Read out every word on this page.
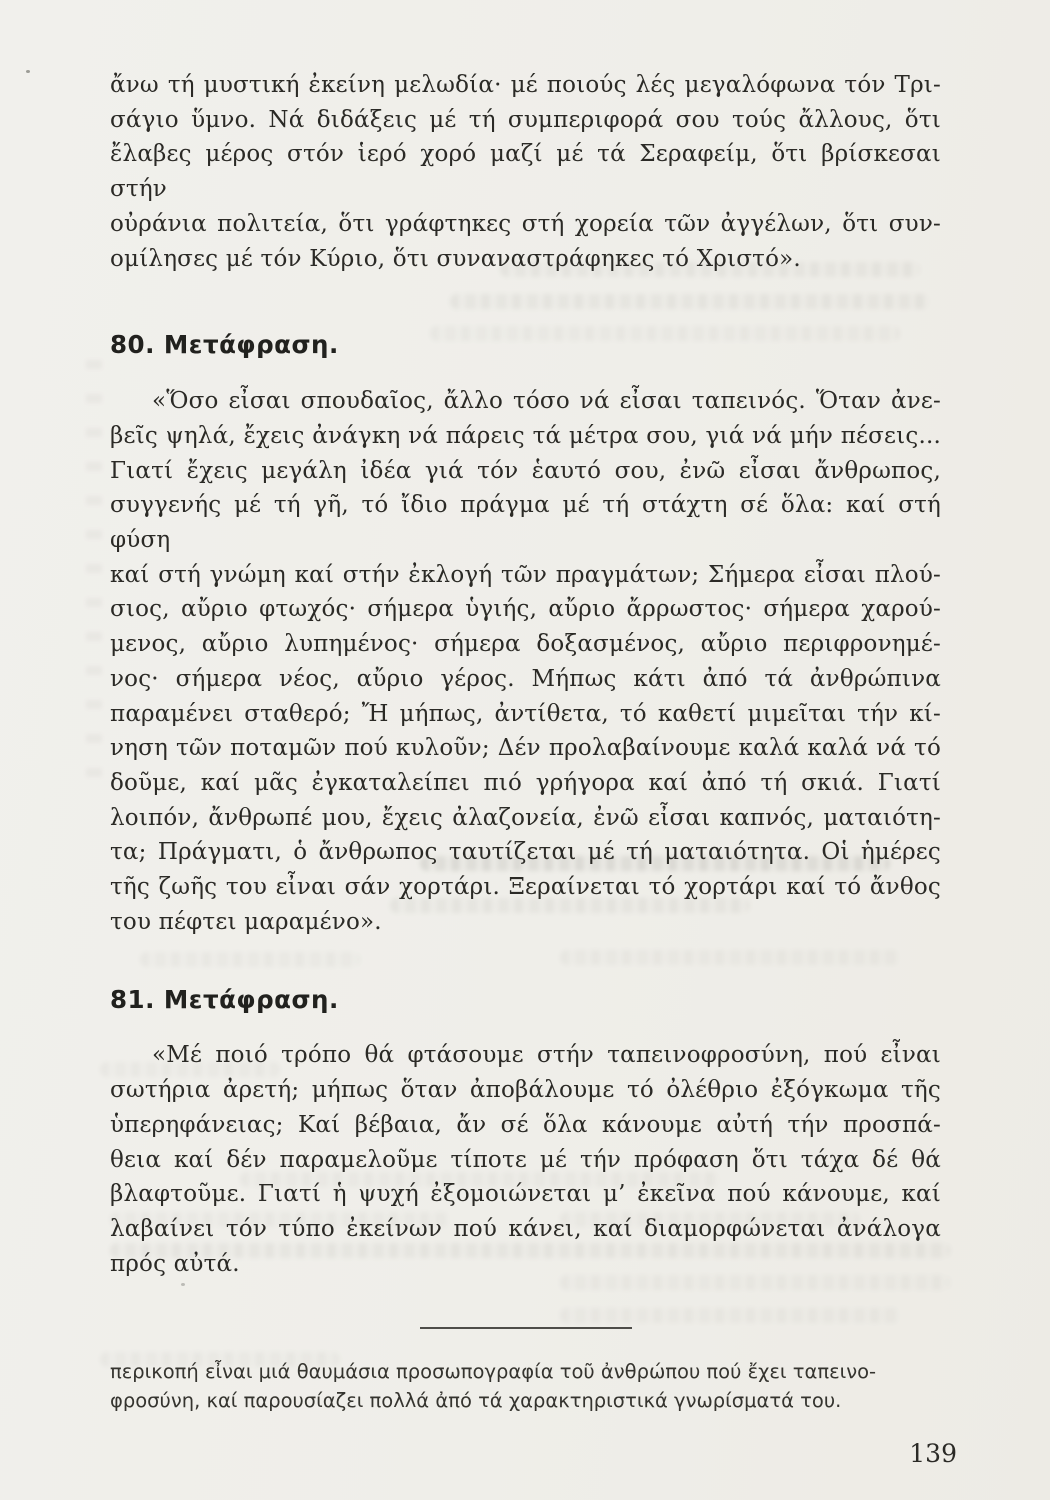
ἄνω τή μυστική ἐκείνη μελωδία· μέ ποιούς λές μεγαλόφωνα τόν Τρι-
σάγιο ὕμνο. Νά διδάξεις μέ τή συμπεριφορά σου τούς ἄλλους, ὅτι
ἔλαβες μέρος στόν ἱερό χορό μαζί μέ τά Σεραφείμ, ὅτι βρίσκεσαι στήν
οὐράνια πολιτεία, ὅτι γράφτηκες στή χορεία τῶν ἀγγέλων, ὅτι συν-
ομίλησες μέ τόν Κύριο, ὅτι συναναστράφηκες τό Χριστό».
80. Μετάφραση.
«Ὅσο εἶσαι σπουδαῖος, ἄλλο τόσο νά εἶσαι ταπεινός. Ὅταν ἀνε-
βεῖς ψηλά, ἔχεις ἀνάγκη νά πάρεις τά μέτρα σου, γιά νά μήν πέσεις...
Γιατί ἔχεις μεγάλη ἰδέα γιά τόν ἑαυτό σου, ἐνῶ εἶσαι ἄνθρωπος,
συγγενής μέ τή γῆ, τό ἴδιο πράγμα μέ τή στάχτη σέ ὅλα: καί στή φύση
καί στή γνώμη καί στήν ἐκλογή τῶν πραγμάτων; Σήμερα εἶσαι πλού-
σιος, αὔριο φτωχός· σήμερα ὑγιής, αὔριο ἄρρωστος· σήμερα χαρού-
μενος, αὔριο λυπημένος· σήμερα δοξασμένος, αὔριο περιφρονημέ-
νος· σήμερα νέος, αὔριο γέρος. Μήπως κάτι ἀπό τά ἀνθρώπινα
παραμένει σταθερό; Ἤ μήπως, ἀντίθετα, τό καθετί μιμεῖται τήν κί-
νηση τῶν ποταμῶν πού κυλοῦν; Δέν προλαβαίνουμε καλά καλά νά τό
δοῦμε, καί μᾶς ἐγκαταλείπει πιό γρήγορα καί ἀπό τή σκιά. Γιατί
λοιπόν, ἄνθρωπέ μου, ἔχεις ἀλαζονεία, ἐνῶ εἶσαι καπνός, ματαιότη-
τα; Πράγματι, ὁ ἄνθρωπος ταυτίζεται μέ τή ματαιότητα. Οἱ ἡμέρες
τῆς ζωῆς του εἶναι σάν χορτάρι. Ξεραίνεται τό χορτάρι καί τό ἄνθος
του πέφτει μαραμένο».
81. Μετάφραση.
«Μέ ποιό τρόπο θά φτάσουμε στήν ταπεινοφροσύνη, πού εἶναι
σωτήρια ἀρετή; μήπως ὅταν ἀποβάλουμε τό ὀλέθριο ἐξόγκωμα τῆς
ὑπερηφάνειας; Καί βέβαια, ἄν σέ ὅλα κάνουμε αὐτή τήν προσπά-
θεια καί δέν παραμελοῦμε τίποτε μέ τήν πρόφαση ὅτι τάχα δέ θά
βλαφτοῦμε. Γιατί ἡ ψυχή ἐξομοιώνεται μ’ ἐκεῖνα πού κάνουμε, καί
λαβαίνει τόν τύπο ἐκείνων πού κάνει, καί διαμορφώνεται ἀνάλογα
πρός αὐτά.
περικοπή εἶναι μιά θαυμάσια προσωπογραφία τοῦ ἀνθρώπου πού ἔχει ταπεινο-
φροσύνη, καί παρουσίαζει πολλά ἀπό τά χαρακτηριστικά γνωρίσματά του.
139
